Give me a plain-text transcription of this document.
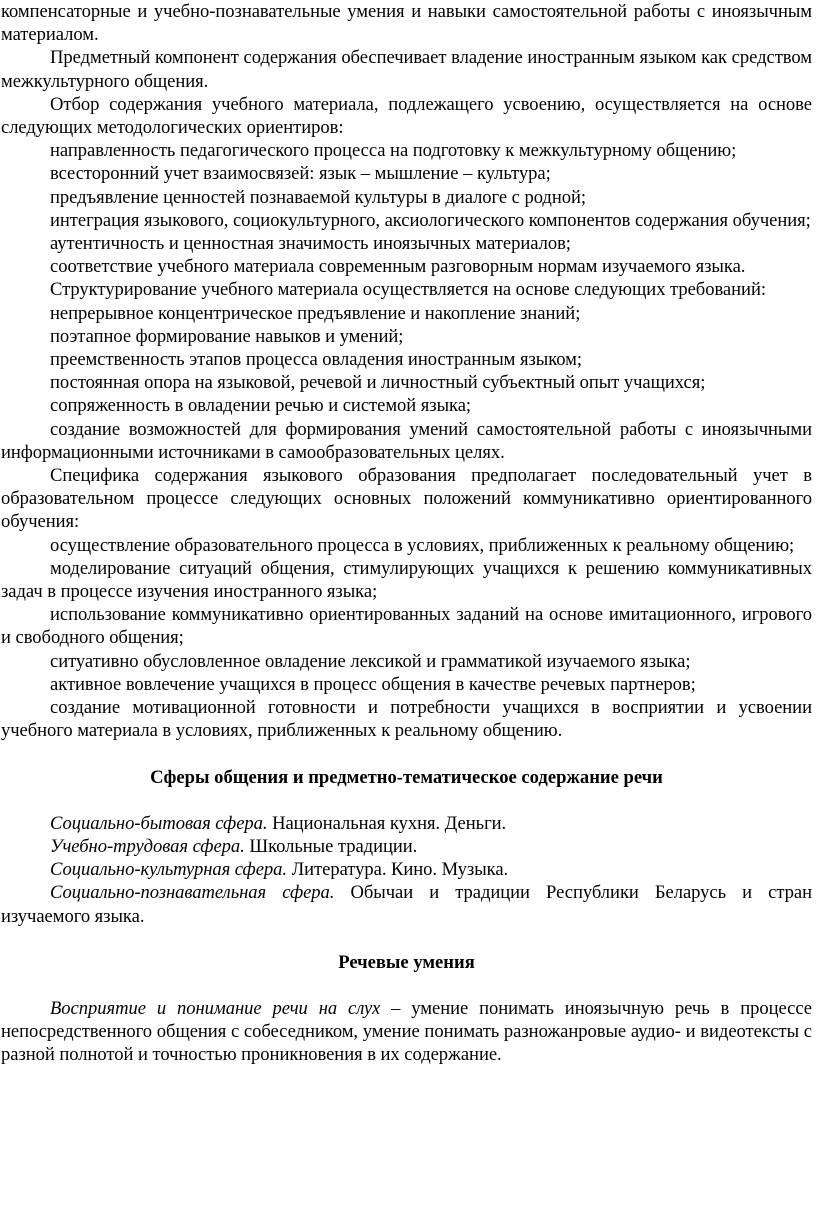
компенсаторные и учебно-познавательные умения и навыки самостоятельной работы с иноязычным материалом.

Предметный компонент содержания обеспечивает владение иностранным языком как средством межкультурного общения.

Отбор содержания учебного материала, подлежащего усвоению, осуществляется на основе следующих методологических ориентиров:

направленность педагогического процесса на подготовку к межкультурному общению;

всесторонний учет взаимосвязей: язык – мышление – культура;

предъявление ценностей познаваемой культуры в диалоге с родной;

интеграция языкового, социокультурного, аксиологического компонентов содержания обучения;

аутентичность и ценностная значимость иноязычных материалов;

соответствие учебного материала современным разговорным нормам изучаемого языка.

Структурирование учебного материала осуществляется на основе следующих требований:

непрерывное концентрическое предъявление и накопление знаний;

поэтапное формирование навыков и умений;

преемственность этапов процесса овладения иностранным языком;

постоянная опора на языковой, речевой и личностный субъектный опыт учащихся;

сопряженность в овладении речью и системой языка;

создание возможностей для формирования умений самостоятельной работы с иноязычными информационными источниками в самообразовательных целях.

Специфика содержания языкового образования предполагает последовательный учет в образовательном процессе следующих основных положений коммуникативно ориентированного обучения:

осуществление образовательного процесса в условиях, приближенных к реальному общению;

моделирование ситуаций общения, стимулирующих учащихся к решению коммуникативных задач в процессе изучения иностранного языка;

использование коммуникативно ориентированных заданий на основе имитационного, игрового и свободного общения;

ситуативно обусловленное овладение лексикой и грамматикой изучаемого языка;

активное вовлечение учащихся в процесс общения в качестве речевых партнеров;

создание мотивационной готовности и потребности учащихся в восприятии и усвоении учебного материала в условиях, приближенных к реальному общению.

Сферы общения и предметно-тематическое содержание речи

Социально-бытовая сфера. Национальная кухня. Деньги.

Учебно-трудовая сфера. Школьные традиции.

Социально-культурная сфера. Литература. Кино. Музыка.

Социально-познавательная сфера. Обычаи и традиции Республики Беларусь и стран изучаемого языка.

Речевые умения

Восприятие и понимание речи на слух – умение понимать иноязычную речь в процессе непосредственного общения с собеседником, умение понимать разножанровые аудио- и видеотексты с разной полнотой и точностью проникновения в их содержание.
